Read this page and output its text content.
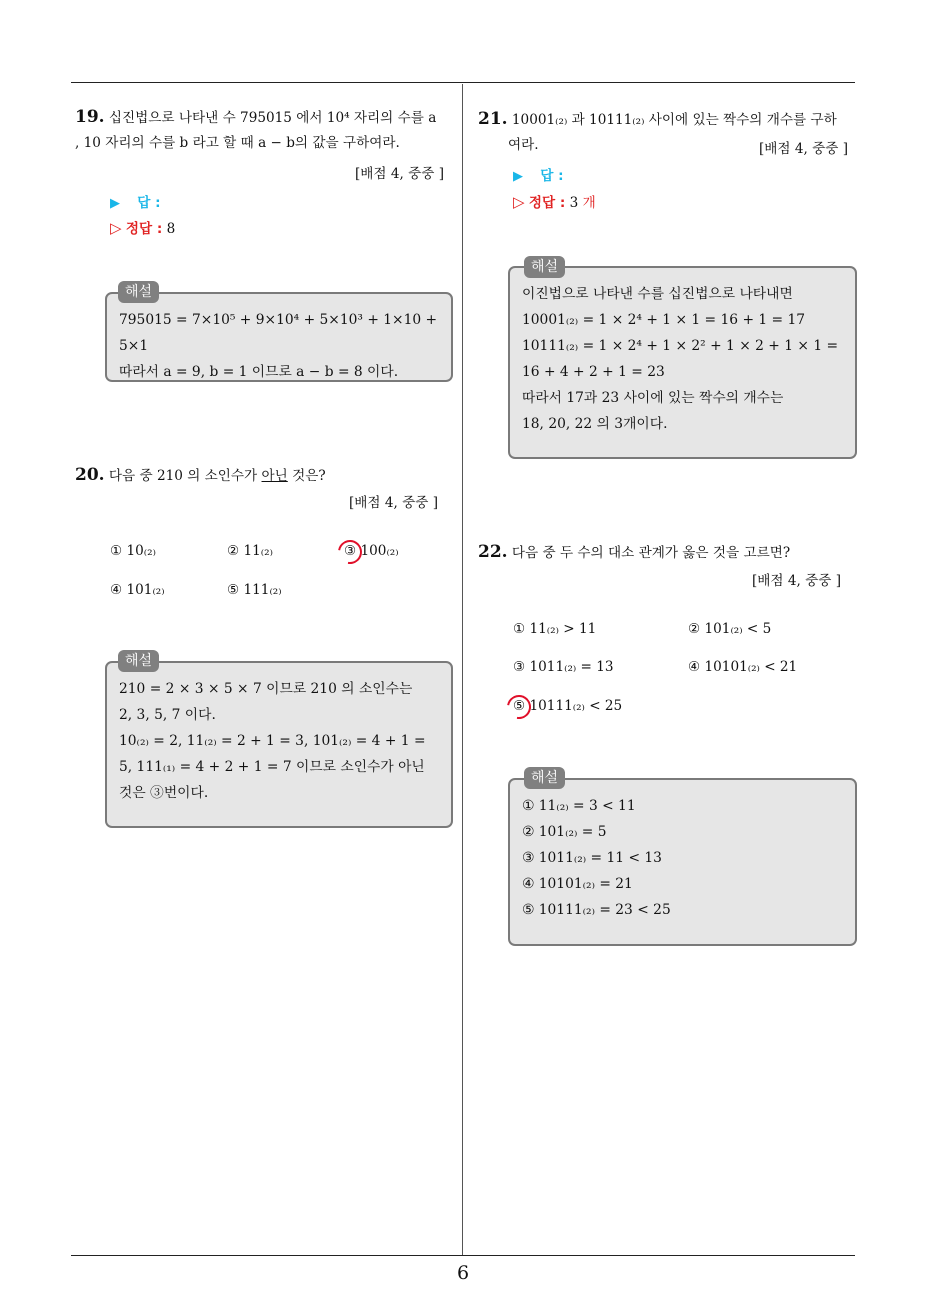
6
19. 십진법으로 나타낸 수 795015 에서 10⁴ 자리의 수를 a
, 10 자리의 수를 b 라고 할 때 a − b의 값을 구하여라.
[배점 4, 중중 ]
▶ 답 :
▷ 정답 : 8
795015 = 7×10⁵ + 9×10⁴ + 5×10³ + 1×10 + 5×1
따라서 a = 9, b = 1 이므로 a − b = 8 이다.
해설
20. 다음 중 210 의 소인수가 아닌 것은?
[배점 4, 중중 ]
① 10₍₂₎	② 11₍₂₎	③ 100₍₂₎
④ 101₍₂₎	⑤ 111₍₂₎
210 = 2 × 3 × 5 × 7 이므로 210 의 소인수는
2, 3, 5, 7 이다.
10₍₂₎ = 2, 11₍₂₎ = 2 + 1 = 3, 101₍₂₎ = 4 + 1 =
5, 111₍₁₎ = 4 + 2 + 1 = 7 이므로 소인수가 아닌
것은 ③번이다.
해설
21. 10001₍₂₎ 과 10111₍₂₎ 사이에 있는 짝수의 개수를 구하
여라.	[배점 4, 중중 ]
▶ 답 :
▷ 정답 : 3 개
이진법으로 나타낸 수를 십진법으로 나타내면
10001₍₂₎ = 1 × 2⁴ + 1 × 1 = 16 + 1 = 17
10111₍₂₎ = 1 × 2⁴ + 1 × 2² + 1 × 2 + 1 × 1 =
16 + 4 + 2 + 1 = 23
따라서 17과 23 사이에 있는 짝수의 개수는
18, 20, 22 의 3개이다.
해설
22. 다음 중 두 수의 대소 관계가 옳은 것을 고르면?
[배점 4, 중중 ]
① 11₍₂₎ > 11	② 101₍₂₎ < 5
③ 1011₍₂₎ = 13	④ 10101₍₂₎ < 21
⑤ 10111₍₂₎ < 25
① 11₍₂₎ = 3 < 11
② 101₍₂₎ = 5
③ 1011₍₂₎ = 11 < 13
④ 10101₍₂₎ = 21
⑤ 10111₍₂₎ = 23 < 25
해설
